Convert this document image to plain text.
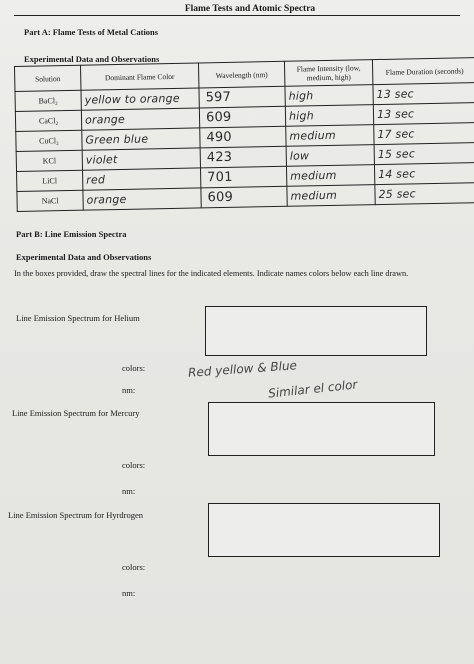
Flame Tests and Atomic Spectra
Part A: Flame Tests of Metal Cations
Experimental Data and Observations
Solution	Dominant Flame Color	Wavelength (nm)	Flame Intensity (low, medium, high)	Flame Duration (seconds)
BaCl₂	yellow to orange	597	high	13 sec
CaCl₂	orange	609	high	13 sec
CuCl₂	Green blue	490	medium	17 sec
KCl	violet	423	low	15 sec
LiCl	red	701	medium	14 sec
NaCl	orange	609	medium	25 sec
Part B: Line Emission Spectra
Experimental Data and Observations
In the boxes provided, draw the spectral lines for the indicated elements. Indicate names colors below each line drawn.
Line Emission Spectrum for Helium
colors:
nm:
Red yellow & Blue
Similar el color
Line Emission Spectrum for Mercury
colors:
nm:
Line Emission Spectrum for Hyrdrogen
colors:
nm:
